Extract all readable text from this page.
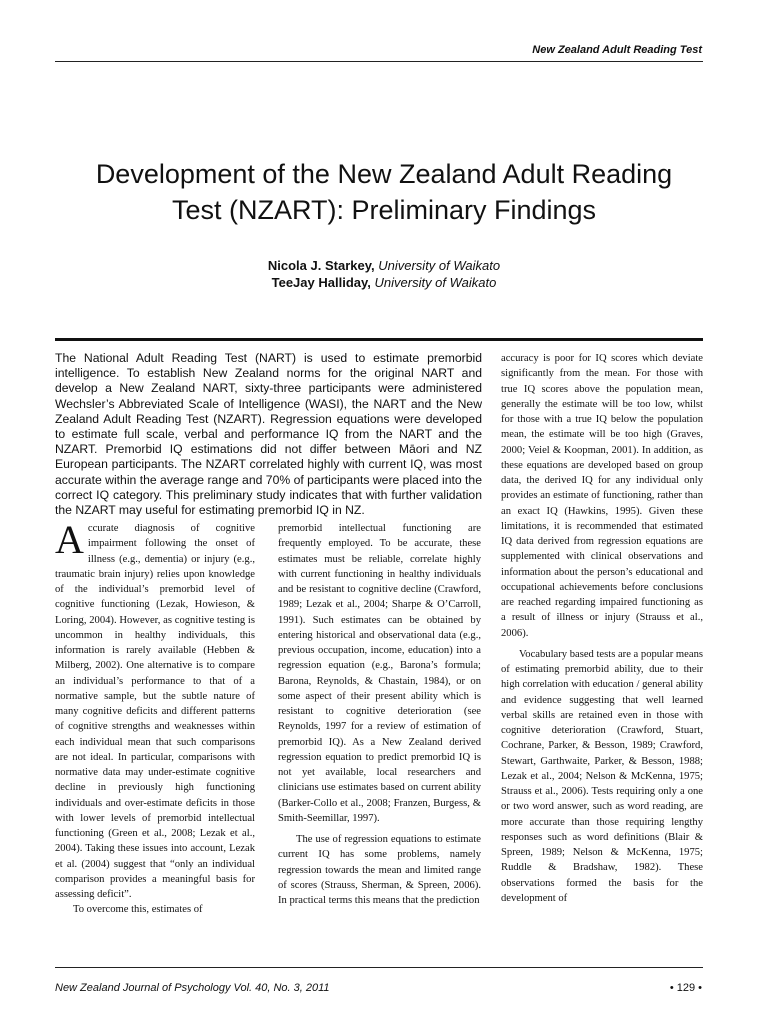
New Zealand Adult Reading Test
Development of the New Zealand Adult Reading
Test (NZART): Preliminary Findings
Nicola J. Starkey, University of Waikato
TeeJay Halliday, University of Waikato
The National Adult Reading Test (NART) is used to estimate premorbid intelligence. To establish New Zealand norms for the original NART and develop a New Zealand NART, sixty-three participants were administered Wechsler’s Abbreviated Scale of Intelligence (WASI), the NART and the New Zealand Adult Reading Test (NZART). Regression equations were developed to estimate full scale, verbal and performance IQ from the NART and the NZART. Premorbid IQ estimations did not differ between Māori and NZ European participants. The NZART correlated highly with current IQ, was most accurate within the average range and 70% of participants were placed into the correct IQ category. This preliminary study indicates that with further validation the NZART may useful for estimating premorbid IQ in NZ.

Accurate diagnosis of cognitive impairment following the onset of illness (e.g., dementia) or injury (e.g., traumatic brain injury) relies upon knowledge of the individual’s premorbid level of cognitive functioning (Lezak, Howieson, & Loring, 2004). However, as cognitive testing is uncommon in healthy individuals, this information is rarely available (Hebben & Milberg, 2002). One alternative is to compare an individual’s performance to that of a normative sample, but the subtle nature of many cognitive deficits and different patterns of cognitive strengths and weaknesses within each individual mean that such comparisons are not ideal. In particular, comparisons with normative data may under-estimate cognitive decline in previously high functioning individuals and over-estimate deficits in those with lower levels of premorbid intellectual functioning (Green et al., 2008; Lezak et al., 2004). Taking these issues into account, Lezak et al. (2004) suggest that “only an individual comparison provides a meaningful basis for assessing deficit”.

To overcome this, estimates of

premorbid intellectual functioning are frequently employed. To be accurate, these estimates must be reliable, correlate highly with current functioning in healthy individuals and be resistant to cognitive decline (Crawford, 1989; Lezak et al., 2004; Sharpe & O’Carroll, 1991). Such estimates can be obtained by entering historical and observational data (e.g., previous occupation, income, education) into a regression equation (e.g., Barona’s formula; Barona, Reynolds, & Chastain, 1984), or on some aspect of their present ability which is resistant to cognitive deterioration (see Reynolds, 1997 for a review of estimation of premorbid IQ). As a New Zealand derived regression equation to predict premorbid IQ is not yet available, local researchers and clinicians use estimates based on current ability (Barker-Collo et al., 2008; Franzen, Burgess, & Smith-Seemillar, 1997).

The use of regression equations to estimate current IQ has some problems, namely regression towards the mean and limited range of scores (Strauss, Sherman, & Spreen, 2006). In practical terms this means that the prediction

accuracy is poor for IQ scores which deviate significantly from the mean. For those with true IQ scores above the population mean, generally the estimate will be too low, whilst for those with a true IQ below the population mean, the estimate will be too high (Graves, 2000; Veiel & Koopman, 2001). In addition, as these equations are developed based on group data, the derived IQ for any individual only provides an estimate of functioning, rather than an exact IQ (Hawkins, 1995). Given these limitations, it is recommended that estimated IQ data derived from regression equations are supplemented with clinical observations and information about the person’s educational and occupational achievements before conclusions are reached regarding impaired functioning as a result of illness or injury (Strauss et al., 2006).

Vocabulary based tests are a popular means of estimating premorbid ability, due to their high correlation with education / general ability and evidence suggesting that well learned verbal skills are retained even in those with cognitive deterioration (Crawford, Stuart, Cochrane, Parker, & Besson, 1989; Crawford, Stewart, Garthwaite, Parker, & Besson, 1988; Lezak et al., 2004; Nelson & McKenna, 1975; Strauss et al., 2006). Tests requiring only a one or two word answer, such as word reading, are more accurate than those requiring lengthy responses such as word definitions (Blair & Spreen, 1989; Nelson & McKenna, 1975; Ruddle & Bradshaw, 1982). These observations formed the basis for the development of

New Zealand Journal of Psychology Vol. 40, No. 3, 2011	• 129 •
